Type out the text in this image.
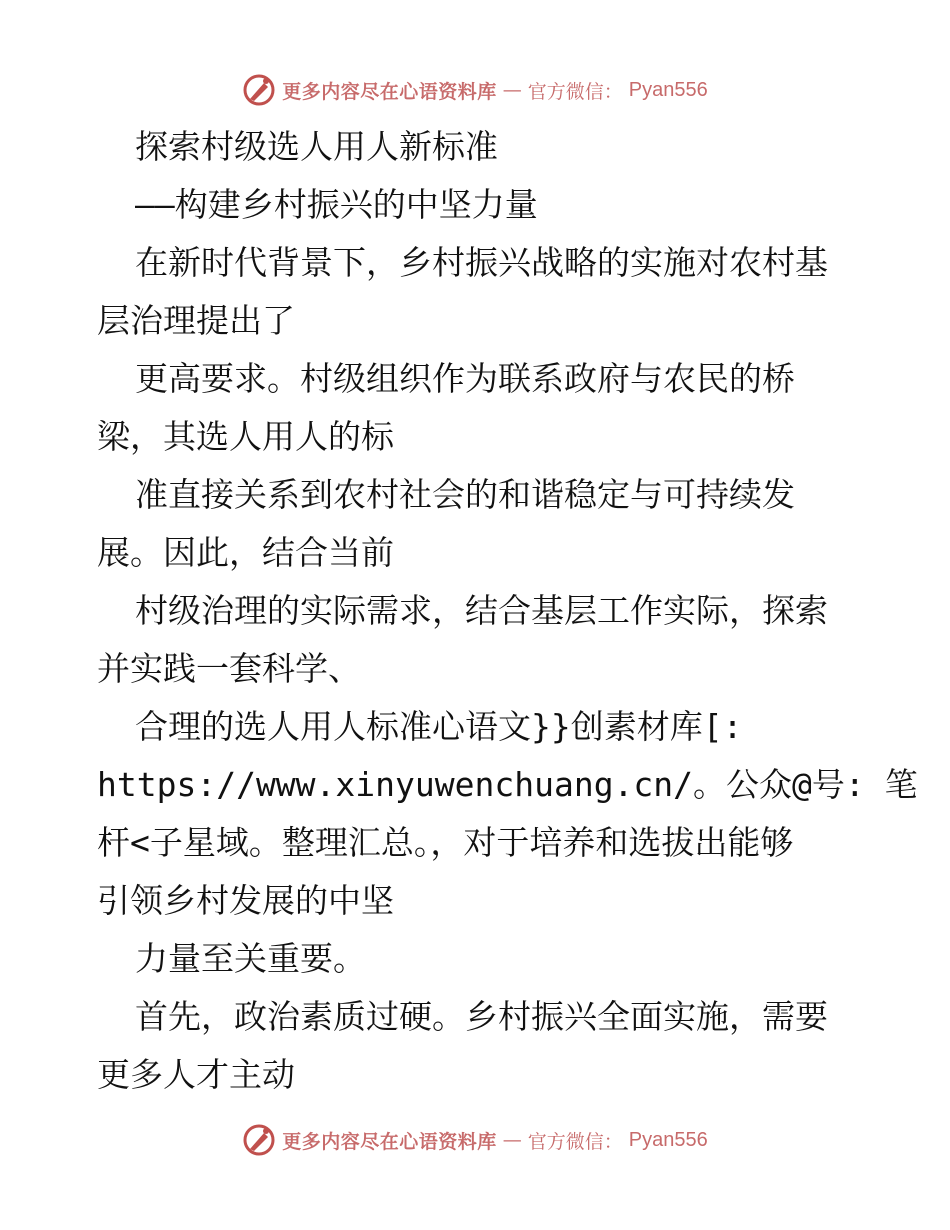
更多内容尽在心语资料库 — 官方微信： Pyan556
探索村级选人用人新标准
——构建乡村振兴的中坚力量
在新时代背景下，乡村振兴战略的实施对农村基
层治理提出了
更高要求。村级组织作为联系政府与农民的桥
梁，其选人用人的标
准直接关系到农村社会的和谐稳定与可持续发
展。因此，结合当前
村级治理的实际需求，结合基层工作实际，探索
并实践一套科学、
合理的选人用人标准心语文}}创素材库[:
https://www.xinyuwenchuang.cn/。公众@号: 笔
杆<子星域。整理汇总。，对于培养和选拔出能够
引领乡村发展的中坚
力量至关重要。
首先，政治素质过硬。乡村振兴全面实施，需要
更多人才主动
更多内容尽在心语资料库 — 官方微信： Pyan556
